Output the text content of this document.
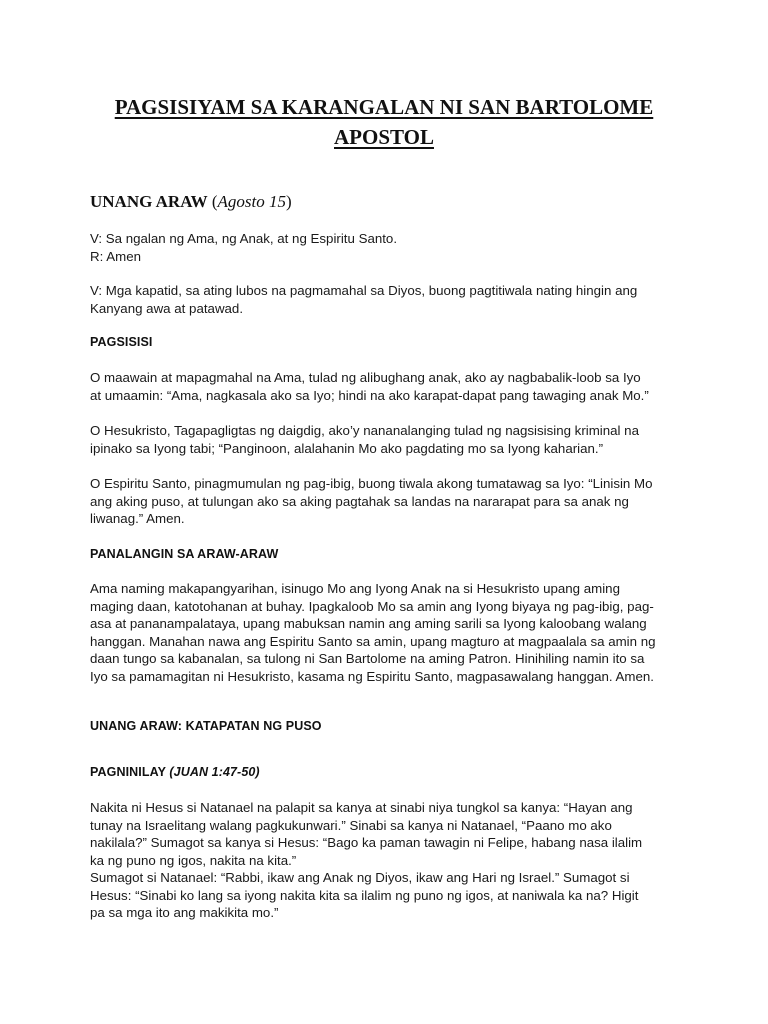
PAGSISIYAM SA KARANGALAN NI SAN BARTOLOME
APOSTOL
UNANG ARAW (Agosto 15)
V: Sa ngalan ng Ama, ng Anak, at ng Espiritu Santo.
R: Amen
V: Mga kapatid, sa ating lubos na pagmamahal sa Diyos, buong pagtitiwala nating hingin ang
Kanyang awa at patawad.
PAGSISISI
O maawain at mapagmahal na Ama, tulad ng alibughang anak, ako ay nagbabalik-loob sa Iyo
at umaamin: “Ama, nagkasala ako sa Iyo; hindi na ako karapat-dapat pang tawaging anak Mo.”
O Hesukristo, Tagapagligtas ng daigdig, ako’y nananalanging tulad ng nagsisising kriminal na
ipinako sa Iyong tabi; “Panginoon, alalahanin Mo ako pagdating mo sa Iyong kaharian.”
O Espiritu Santo, pinagmumulan ng pag-ibig, buong tiwala akong tumatawag sa Iyo: “Linisin Mo
ang aking puso, at tulungan ako sa aking pagtahak sa landas na nararapat para sa anak ng
liwanag.” Amen.
PANALANGIN SA ARAW-ARAW
Ama naming makapangyarihan, isinugo Mo ang Iyong Anak na si Hesukristo upang aming
maging daan, katotohanan at buhay. Ipagkaloob Mo sa amin ang Iyong biyaya ng pag-ibig, pag-
asa at pananampalataya, upang mabuksan namin ang aming sarili sa Iyong kaloobang walang
hanggan. Manahan nawa ang Espiritu Santo sa amin, upang magturo at magpaalala sa amin ng
daan tungo sa kabanalan, sa tulong ni San Bartolome na aming Patron. Hinihiling namin ito sa
Iyo sa pamamagitan ni Hesukristo, kasama ng Espiritu Santo, magpasawalang hanggan. Amen.
UNANG ARAW: KATAPATAN NG PUSO
PAGNINILAY (JUAN 1:47-50)
Nakita ni Hesus si Natanael na palapit sa kanya at sinabi niya tungkol sa kanya: “Hayan ang
tunay na Israelitang walang pagkukunwari.” Sinabi sa kanya ni Natanael, “Paano mo ako
nakilala?” Sumagot sa kanya si Hesus: “Bago ka paman tawagin ni Felipe, habang nasa ilalim
ka ng puno ng igos, nakita na kita.”
Sumagot si Natanael: “Rabbi, ikaw ang Anak ng Diyos, ikaw ang Hari ng Israel.” Sumagot si
Hesus: “Sinabi ko lang sa iyong nakita kita sa ilalim ng puno ng igos, at naniwala ka na? Higit
pa sa mga ito ang makikita mo.”
